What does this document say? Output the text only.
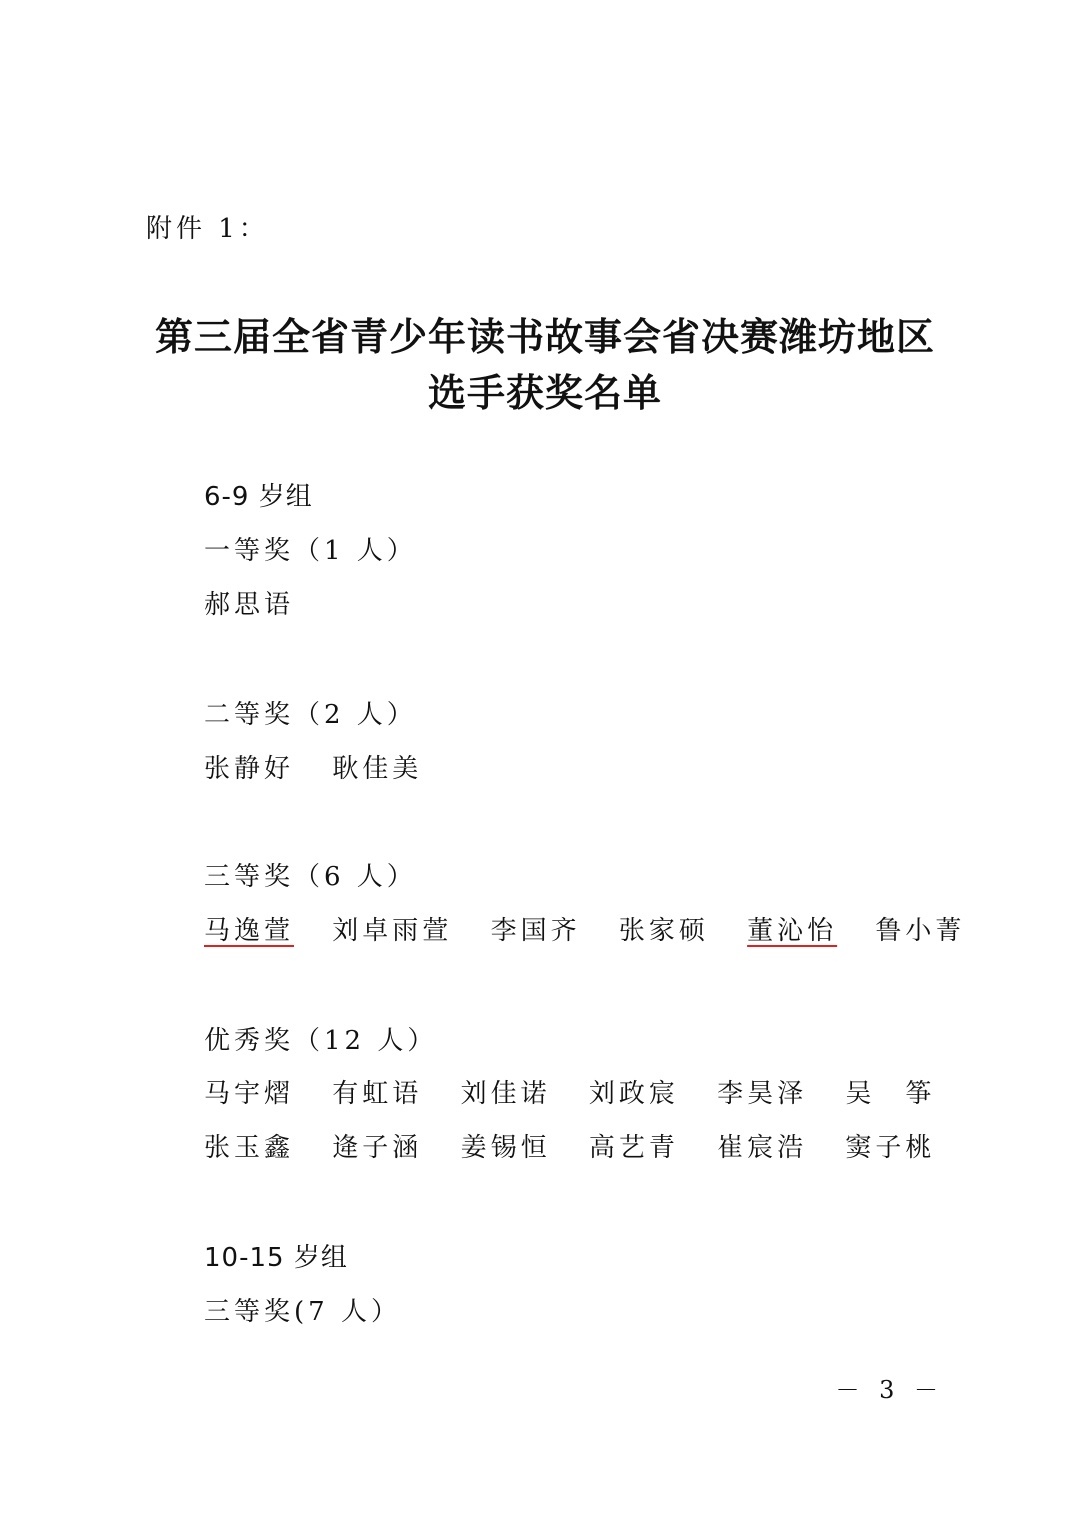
附件 1：
第三届全省青少年读书故事会省决赛潍坊地区
选手获奖名单
6-9 岁组
一等奖（1 人）
郝思语
二等奖（2 人）
张静好 耿佳美
三等奖（6 人）
马逸萱 刘卓雨萱 李国齐 张家硕 董沁怡 鲁小菁
优秀奖（12 人）
马宇熠 有虹语 刘佳诺 刘政宸 李昊泽 吴　筝
张玉鑫 逄子涵 姜锡恒 高艺青 崔宸浩 窦子桃
10-15 岁组
三等奖(7 人）
－ 3 －
